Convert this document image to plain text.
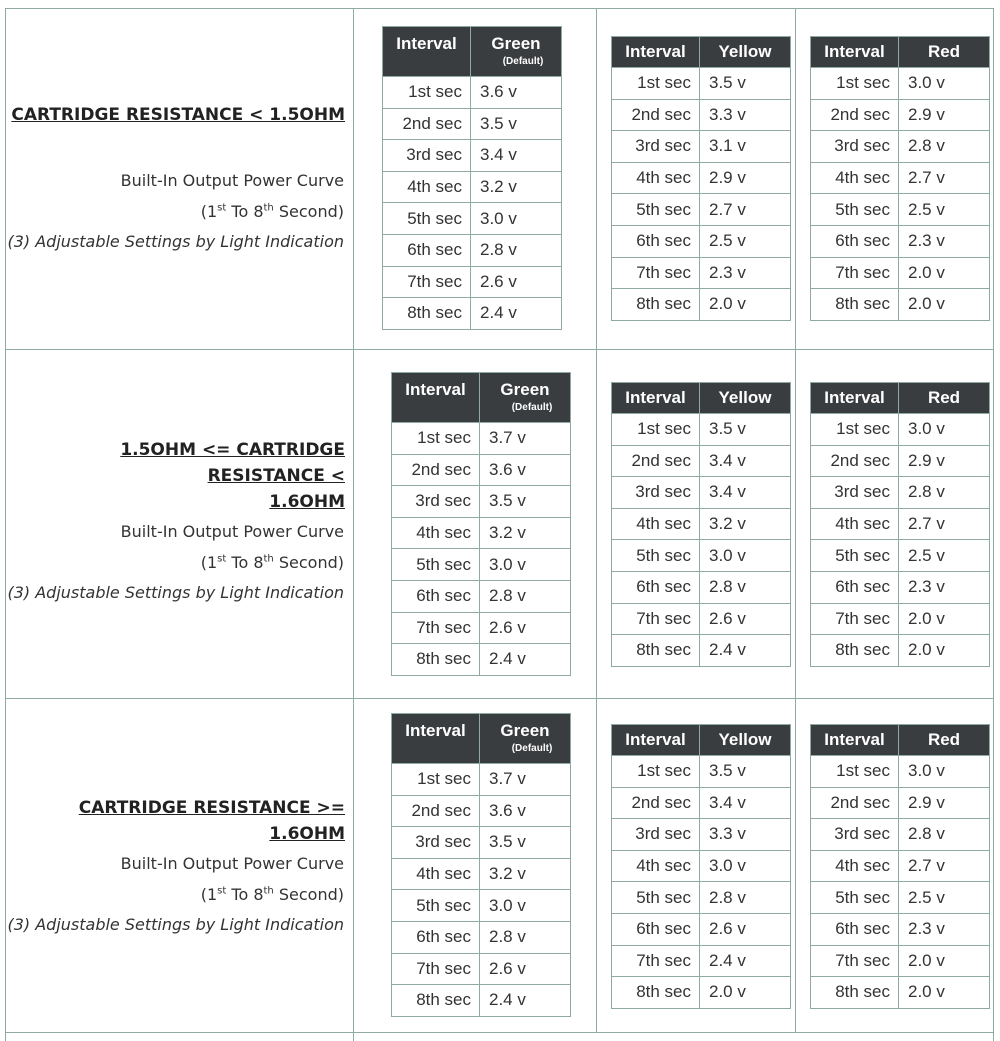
CARTRIDGE RESISTANCE < 1.5OHM
Built-In Output Power Curve
(1st To 8th Second)
(3) Adjustable Settings by Light Indication
Interval	Green
(Default)

1st sec	3.6 v
2nd sec	3.5 v
3rd sec	3.4 v
4th sec	3.2 v
5th sec	3.0 v
6th sec	2.8 v
7th sec	2.6 v
8th sec	2.4 v
Interval	Yellow
1st sec	3.5 v
2nd sec	3.3 v
3rd sec	3.1 v
4th sec	2.9 v
5th sec	2.7 v
6th sec	2.5 v
7th sec	2.3 v
8th sec	2.0 v
Interval	Red
1st sec	3.0 v
2nd sec	2.9 v
3rd sec	2.8 v
4th sec	2.7 v
5th sec	2.5 v
6th sec	2.3 v
7th sec	2.0 v
8th sec	2.0 v
1.5OHM <= CARTRIDGE RESISTANCE <
1.6OHM
Built-In Output Power Curve
(1st To 8th Second)
(3) Adjustable Settings by Light Indication
Interval	Green
(Default)

1st sec	3.7 v
2nd sec	3.6 v
3rd sec	3.5 v
4th sec	3.2 v
5th sec	3.0 v
6th sec	2.8 v
7th sec	2.6 v
8th sec	2.4 v
Interval	Yellow
1st sec	3.5 v
2nd sec	3.4 v
3rd sec	3.4 v
4th sec	3.2 v
5th sec	3.0 v
6th sec	2.8 v
7th sec	2.6 v
8th sec	2.4 v
Interval	Red
1st sec	3.0 v
2nd sec	2.9 v
3rd sec	2.8 v
4th sec	2.7 v
5th sec	2.5 v
6th sec	2.3 v
7th sec	2.0 v
8th sec	2.0 v
CARTRIDGE RESISTANCE >= 1.6OHM
Built-In Output Power Curve
(1st To 8th Second)
(3) Adjustable Settings by Light Indication
Interval	Green
(Default)

1st sec	3.7 v
2nd sec	3.6 v
3rd sec	3.5 v
4th sec	3.2 v
5th sec	3.0 v
6th sec	2.8 v
7th sec	2.6 v
8th sec	2.4 v
Interval	Yellow
1st sec	3.5 v
2nd sec	3.4 v
3rd sec	3.3 v
4th sec	3.0 v
5th sec	2.8 v
6th sec	2.6 v
7th sec	2.4 v
8th sec	2.0 v
Interval	Red
1st sec	3.0 v
2nd sec	2.9 v
3rd sec	2.8 v
4th sec	2.7 v
5th sec	2.5 v
6th sec	2.3 v
7th sec	2.0 v
8th sec	2.0 v
